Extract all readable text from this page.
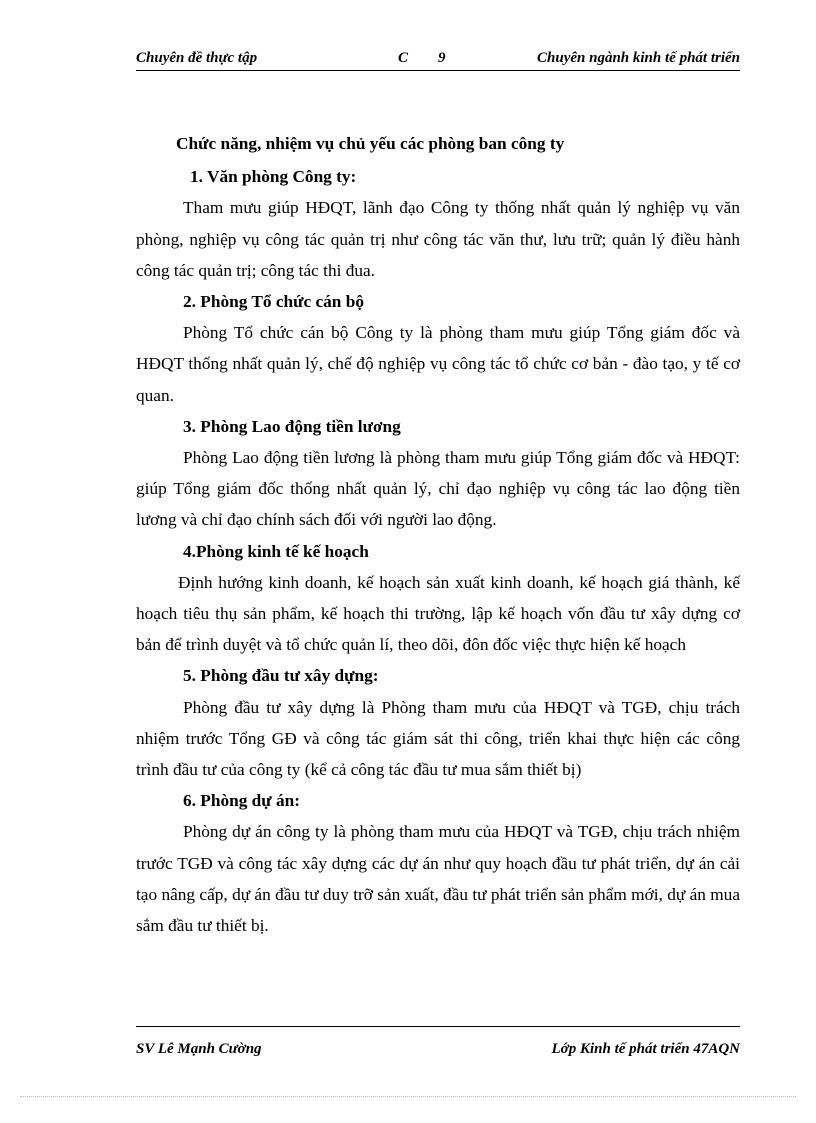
Chuyên đề thực tập	C 9	Chuyên ngành kinh tế phát triển

Chức năng, nhiệm vụ chủ yếu các phòng ban công ty

1. Văn phòng Công ty:

Tham mưu giúp HĐQT, lãnh đạo Công ty thống nhất quản lý nghiệp vụ văn phòng, nghiệp vụ công tác quản trị như công tác văn thư, lưu trữ; quản lý điều hành công tác quản trị; công tác thi đua.

2. Phòng Tổ chức cán bộ

Phòng Tổ chức cán bộ Công ty là phòng tham mưu giúp Tổng giám đốc và HĐQT thống nhất quản lý, chế độ nghiệp vụ công tác tổ chức cơ bản - đào tạo, y tế cơ quan.

3. Phòng Lao động tiền lương

Phòng Lao động tiền lương là phòng tham mưu giúp Tổng giám đốc và HĐQT: giúp Tổng giám đốc thống nhất quản lý, chỉ đạo nghiệp vụ công tác lao động tiền lương và chỉ đạo chính sách đối với người lao động.

4.Phòng kinh tế kế hoạch

Định hướng kinh doanh, kế hoạch sản xuất kinh doanh, kế hoạch giá thành, kế hoạch tiêu thụ sản phẩm, kế hoạch thi trường, lập kế hoạch vốn đầu tư xây dựng cơ bản để trình duyệt và tổ chức quản lí, theo dõi, đôn đốc việc thực hiện kế hoạch

5. Phòng đầu tư xây dựng:

Phòng đầu tư xây dựng là Phòng tham mưu của HĐQT và TGĐ, chịu trách nhiệm trước Tổng GĐ và công tác giám sát thi công, triển khai thực hiện các công trình đầu tư của công ty (kể cả công tác đầu tư mua sắm thiết bị)

6. Phòng dự án:

Phòng dự án công ty là phòng tham mưu của HĐQT và TGĐ, chịu trách nhiệm trước TGĐ và công tác xây dựng các dự án như quy hoạch đầu tư phát triển, dự án cải tạo nâng cấp, dự án đầu tư duy trỡ sản xuất, đầu tư phát triển sản phẩm mới, dự án mua sắm đầu tư thiết bị.

SV Lê Mạnh Cường	Lớp Kinh tế phát triển 47AQN
